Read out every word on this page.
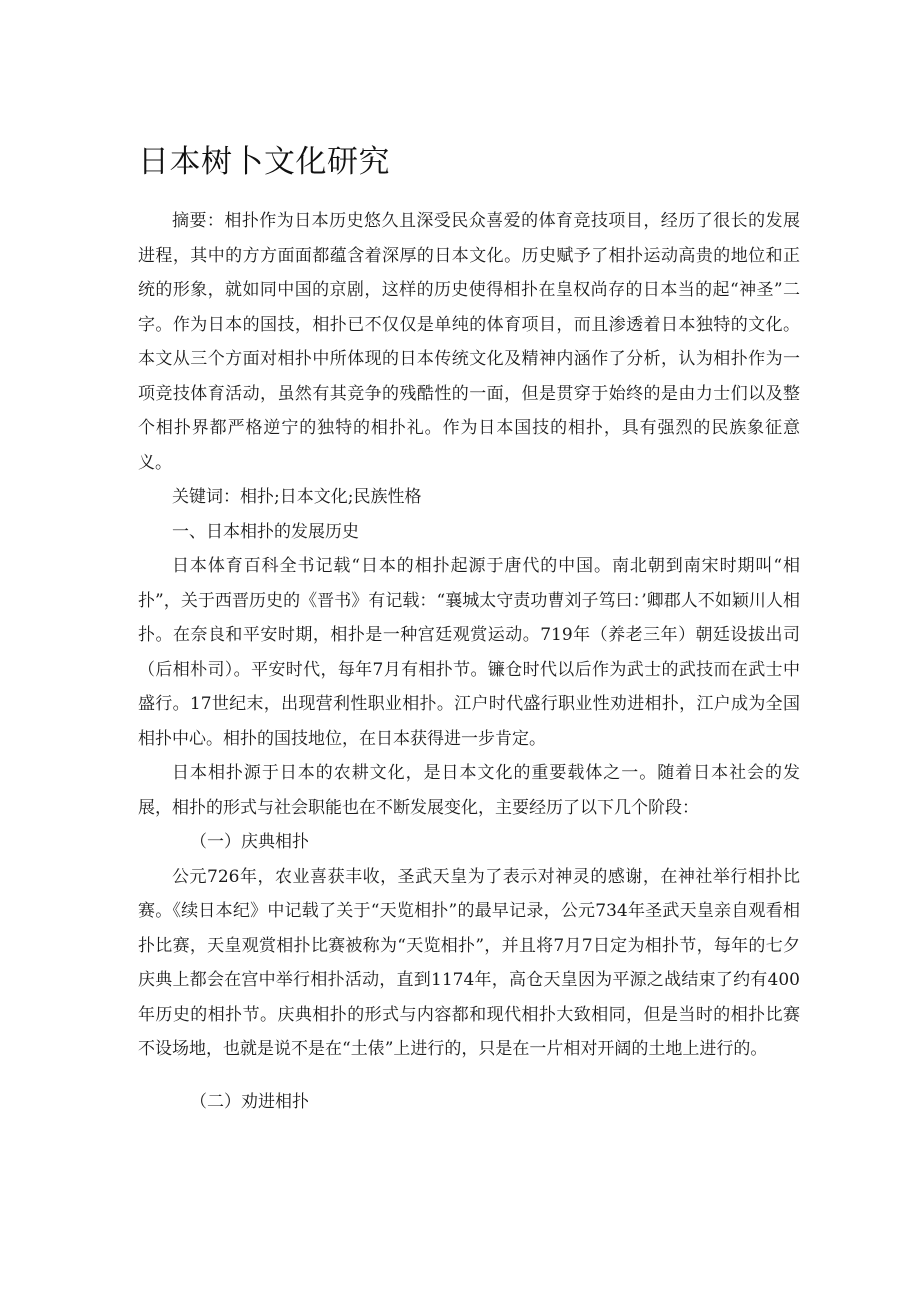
日本树卜文化研究

摘要：相扑作为日本历史悠久且深受民众喜爱的体育竞技项目，经历了很长的发展进程，其中的方方面面都蕴含着深厚的日本文化。历史赋予了相扑运动高贵的地位和正统的形象，就如同中国的京剧，这样的历史使得相扑在皇权尚存的日本当的起“神圣”二字。作为日本的国技，相扑已不仅仅是单纯的体育项目，而且渗透着日本独特的文化。本文从三个方面对相扑中所体现的日本传统文化及精神内涵作了分析，认为相扑作为一项竞技体育活动，虽然有其竞争的残酷性的一面，但是贯穿于始终的是由力士们以及整个相扑界都严格逆宁的独特的相扑礼。作为日本国技的相扑，具有强烈的民族象征意义。

关键词：相扑;日本文化;民族性格

一、日本相扑的发展历史

日本体育百科全书记载“日本的相扑起源于唐代的中国。南北朝到南宋时期叫“相扑”，关于西晋历史的《晋书》有记载：“襄城太守责功曹刘子笃曰：’卿郡人不如颖川人相扑。在奈良和平安时期，相扑是一种宫廷观赏运动。719年（养老三年）朝廷设拔出司（后相朴司）。平安时代，每年7月有相扑节。镰仓时代以后作为武士的武技而在武士中盛行。17世纪末，出现营利性职业相扑。江户时代盛行职业性劝进相扑，江户成为全国相扑中心。相扑的国技地位，在日本获得进一步肯定。

日本相扑源于日本的农耕文化，是日本文化的重要载体之一。随着日本社会的发展，相扑的形式与社会职能也在不断发展变化，主要经历了以下几个阶段：

（一）庆典相扑

公元726年，农业喜获丰收，圣武天皇为了表示对神灵的感谢，在神社举行相扑比赛。《续日本纪》中记载了关于“天览相扑”的最早记录，公元734年圣武天皇亲自观看相扑比赛，天皇观赏相扑比赛被称为“天览相扑”，并且将7月7日定为相扑节，每年的七夕庆典上都会在宫中举行相扑活动，直到1174年，高仓天皇因为平源之战结束了约有400年历史的相扑节。庆典相扑的形式与内容都和现代相扑大致相同，但是当时的相扑比赛不设场地，也就是说不是在“土俵”上进行的，只是在一片相对开阔的土地上进行的。

（二）劝进相扑
